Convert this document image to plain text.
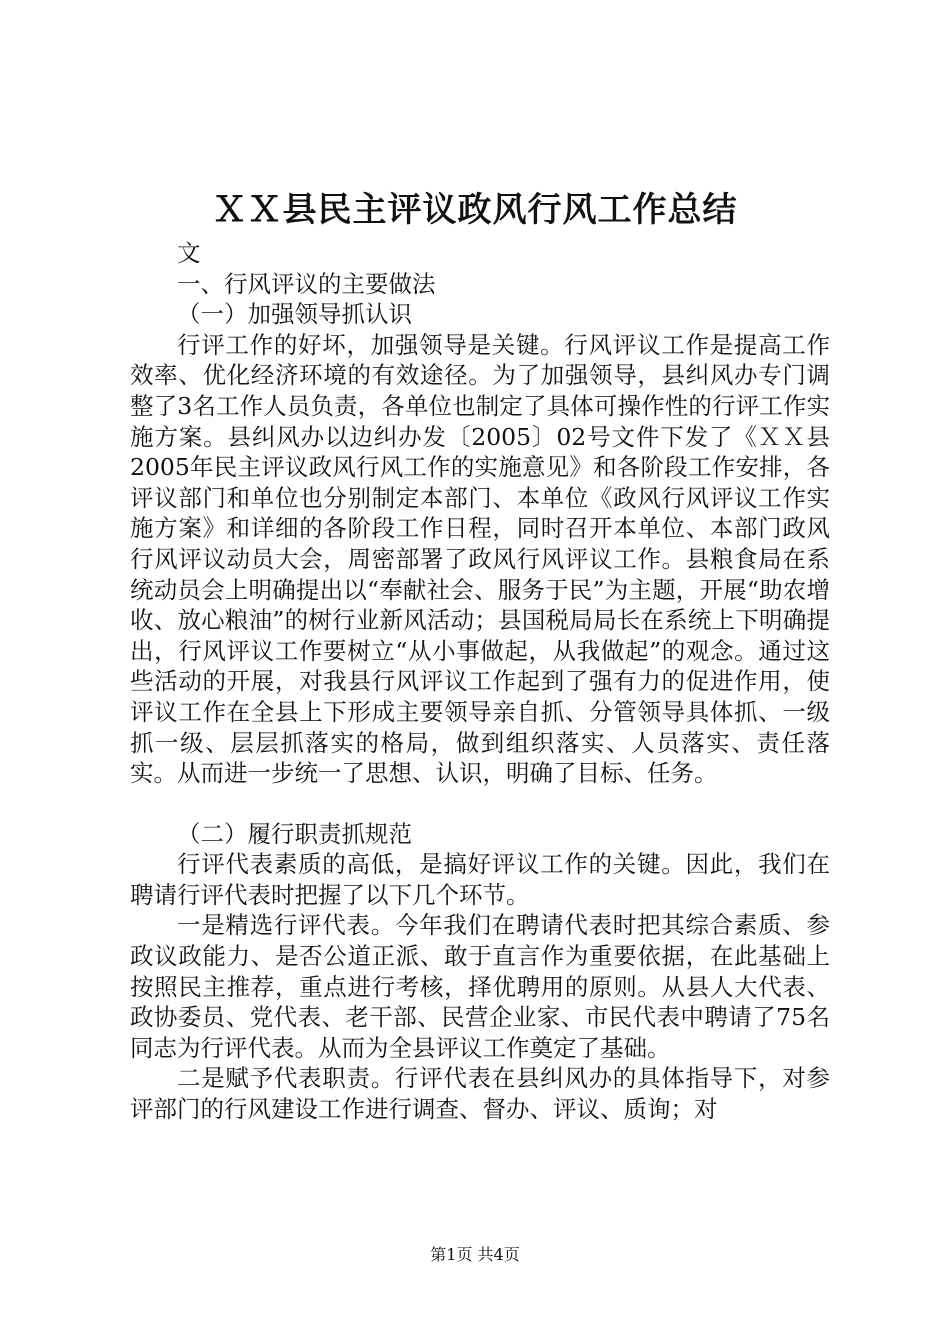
ＸＸ县民主评议政风行风工作总结

文

一、行风评议的主要做法

（一）加强领导抓认识

行评工作的好坏，加强领导是关键。行风评议工作是提高工作效率、优化经济环境的有效途径。为了加强领导，县纠风办专门调整了3名工作人员负责，各单位也制定了具体可操作性的行评工作实施方案。县纠风办以边纠办发〔2005〕02号文件下发了《ＸＸ县2005年民主评议政风行风工作的实施意见》和各阶段工作安排，各评议部门和单位也分别制定本部门、本单位《政风行风评议工作实施方案》和详细的各阶段工作日程，同时召开本单位、本部门政风行风评议动员大会，周密部署了政风行风评议工作。县粮食局在系统动员会上明确提出以“奉献社会、服务于民”为主题，开展“助农增收、放心粮油”的树行业新风活动；县国税局局长在系统上下明确提出，行风评议工作要树立“从小事做起，从我做起”的观念。通过这些活动的开展，对我县行风评议工作起到了强有力的促进作用，使评议工作在全县上下形成主要领导亲自抓、分管领导具体抓、一级抓一级、层层抓落实的格局，做到组织落实、人员落实、责任落实。从而进一步统一了思想、认识，明确了目标、任务。

（二）履行职责抓规范

行评代表素质的高低，是搞好评议工作的关键。因此，我们在聘请行评代表时把握了以下几个环节。

一是精选行评代表。今年我们在聘请代表时把其综合素质、参政议政能力、是否公道正派、敢于直言作为重要依据，在此基础上按照民主推荐，重点进行考核，择优聘用的原则。从县人大代表、政协委员、党代表、老干部、民营企业家、市民代表中聘请了75名同志为行评代表。从而为全县评议工作奠定了基础。

二是赋予代表职责。行评代表在县纠风办的具体指导下，对参评部门的行风建设工作进行调查、督办、评议、质询；对

第1页 共4页
